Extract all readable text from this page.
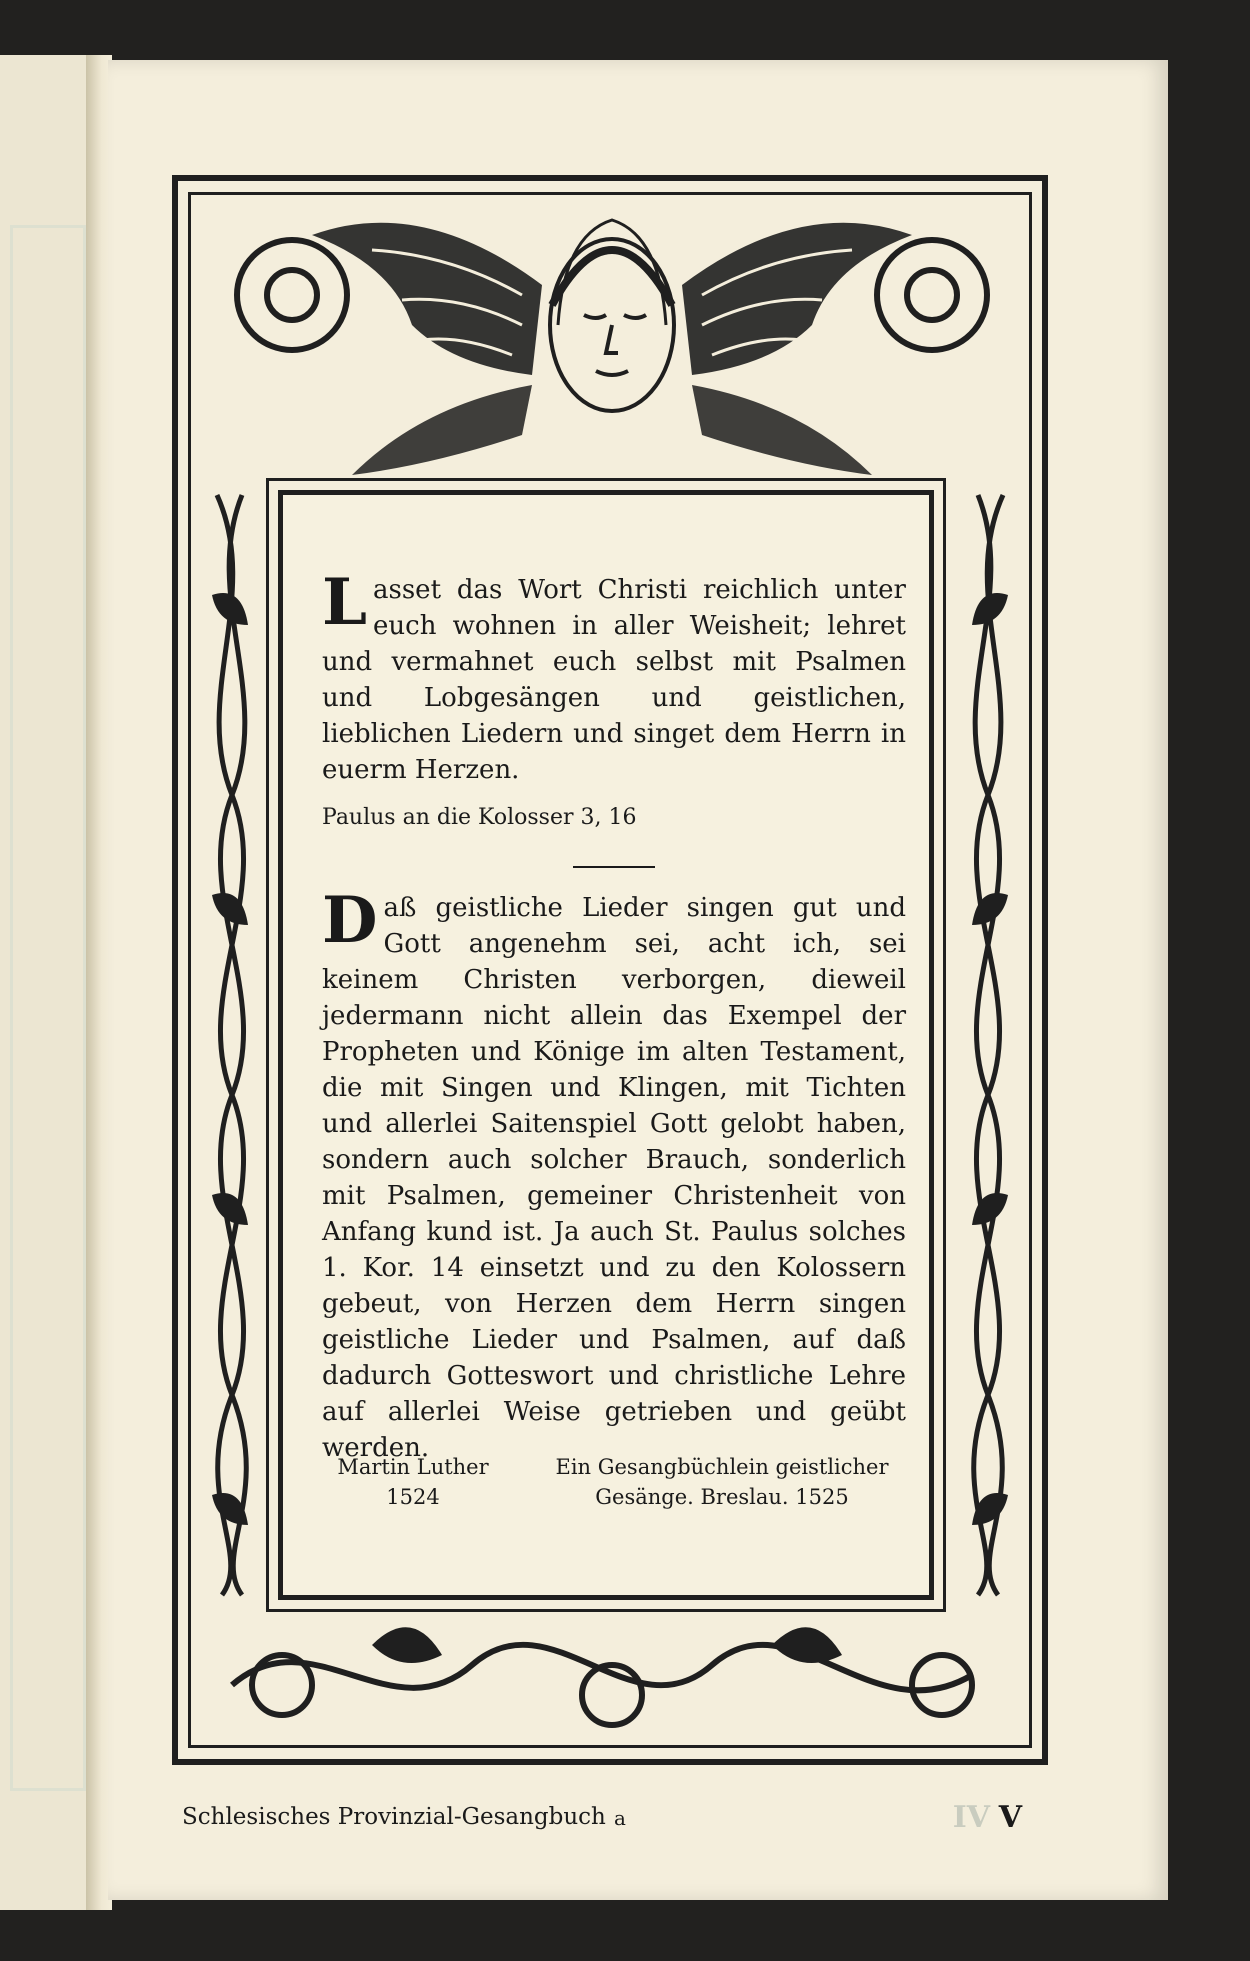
Lasset das Wort Christi reichlich unter euch wohnen in aller Weisheit; lehret und vermahnet euch selbst mit Psalmen und Lobgesängen und geistlichen, lieblichen Liedern und singet dem Herrn in euerm Herzen.

Paulus an die Kolosser 3, 16

Daß geistliche Lieder singen gut und Gott angenehm sei, acht ich, sei keinem Christen verborgen, dieweil jedermann nicht allein das Exempel der Propheten und Könige im alten Testament, die mit Singen und Klingen, mit Tichten und allerlei Saitenspiel Gott gelobt haben, sondern auch solcher Brauch, sonderlich mit Psalmen, gemeiner Christenheit von Anfang kund ist. Ja auch St. Paulus solches 1. Kor. 14 einsetzt und zu den Kolossern gebeut, von Herzen dem Herrn singen geistliche Lieder und Psalmen, auf daß dadurch Gotteswort und christliche Lehre auf allerlei Weise getrieben und geübt werden.

Martin Luther
1524
Ein Gesangbüchlein geistlicher
Gesänge. Breslau. 1525
Schlesisches Provinzial-Gesangbuch a	IV V
